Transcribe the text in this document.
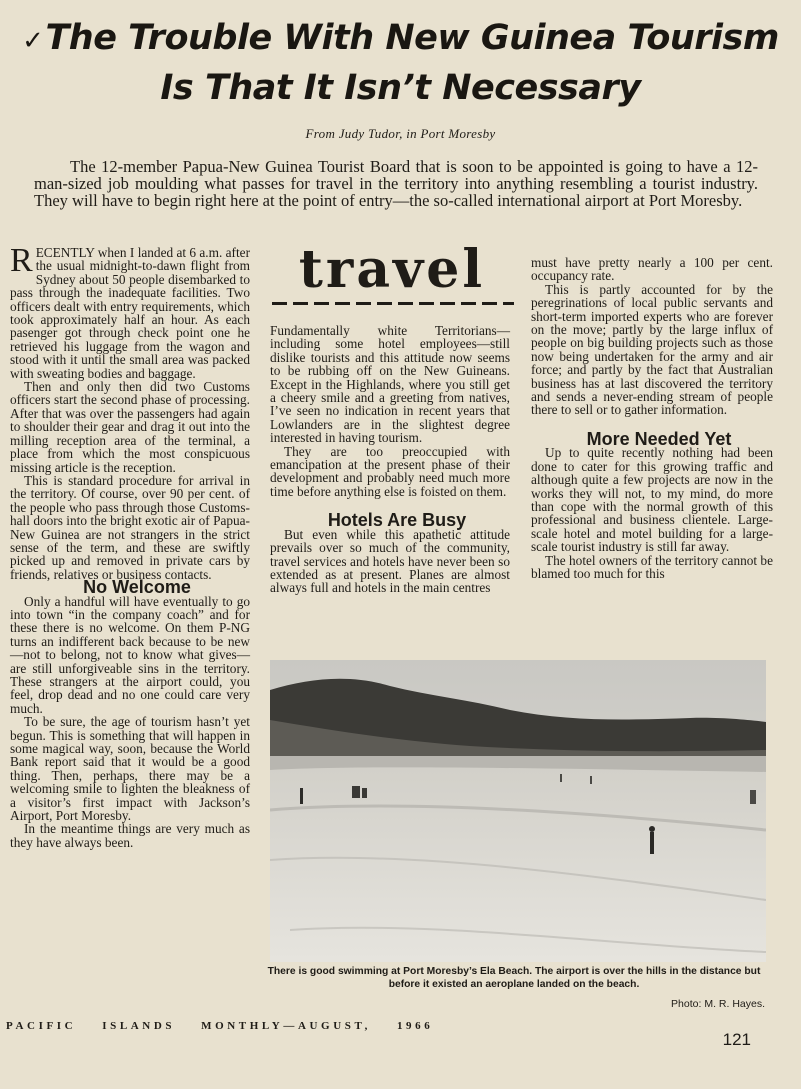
✓The Trouble With New Guinea Tourism
Is That It Isn’t Necessary
From Judy Tudor, in Port Moresby
The 12-member Papua-New Guinea Tourist Board that is soon to be appointed is going to have a 12-man-sized job moulding what passes for travel in the territory into anything resembling a tourist industry. They will have to begin right here at the point of entry—the so-called international airport at Port Moresby.

RECENTLY when I landed at 6 a.m. after the usual midnight-to-dawn flight from Sydney about 50 people disembarked to pass through the inadequate facilities. Two officers dealt with entry requirements, which took approximately half an hour. As each pasenger got through check point one he retrieved his luggage from the wagon and stood with it until the small area was packed with sweating bodies and baggage.

Then and only then did two Customs officers start the second phase of processing. After that was over the passengers had again to shoulder their gear and drag it out into the milling reception area of the terminal, a place from which the most conspicuous missing article is the reception.

This is standard procedure for arrival in the territory. Of course, over 90 per cent. of the people who pass through those Customs-hall doors into the bright exotic air of Papua-New Guinea are not strangers in the strict sense of the term, and these are swiftly picked up and removed in private cars by friends, relatives or business contacts.

No Welcome

Only a handful will have eventually to go into town “in the company coach” and for these there is no welcome. On them P-NG turns an indifferent back because to be new—not to belong, not to know what gives—are still unforgiveable sins in the territory. These strangers at the airport could, you feel, drop dead and no one could care very much.

To be sure, the age of tourism hasn’t yet begun. This is something that will happen in some magical way, soon, because the World Bank report said that it would be a good thing. Then, perhaps, there may be a welcoming smile to lighten the bleakness of a visitor’s first impact with Jackson’s Airport, Port Moresby.

In the meantime things are very much as they have always been.

travel

Fundamentally white Territorians—including some hotel employees—still dislike tourists and this attitude now seems to be rubbing off on the New Guineans. Except in the Highlands, where you still get a cheery smile and a greeting from natives, I’ve seen no indication in recent years that Lowlanders are in the slightest degree interested in having tourism.

They are too preoccupied with emancipation at the present phase of their development and probably need much more time before anything else is foisted on them.

Hotels Are Busy

But even while this apathetic attitude prevails over so much of the community, travel services and hotels have never been so extended as at present. Planes are almost always full and hotels in the main centres

must have pretty nearly a 100 per cent. occupancy rate.

This is partly accounted for by the peregrinations of local public servants and short-term imported experts who are forever on the move; partly by the large influx of people on big building projects such as those now being undertaken for the army and air force; and partly by the fact that Australian business has at last discovered the territory and sends a never-ending stream of people there to sell or to gather information.

More Needed Yet

Up to quite recently nothing had been done to cater for this growing traffic and although quite a few projects are now in the works they will not, to my mind, do more than cope with the normal growth of this professional and business clientele. Large-scale hotel and motel building for a large-scale tourist industry is still far away.

The hotel owners of the territory cannot be blamed too much for this

There is good swimming at Port Moresby’s Ela Beach. The airport is over the hills in the distance but before it existed an aeroplane landed on the beach.
Photo: M. R. Hayes.
PACIFIC ISLANDS MONTHLY—AUGUST, 1966
121
